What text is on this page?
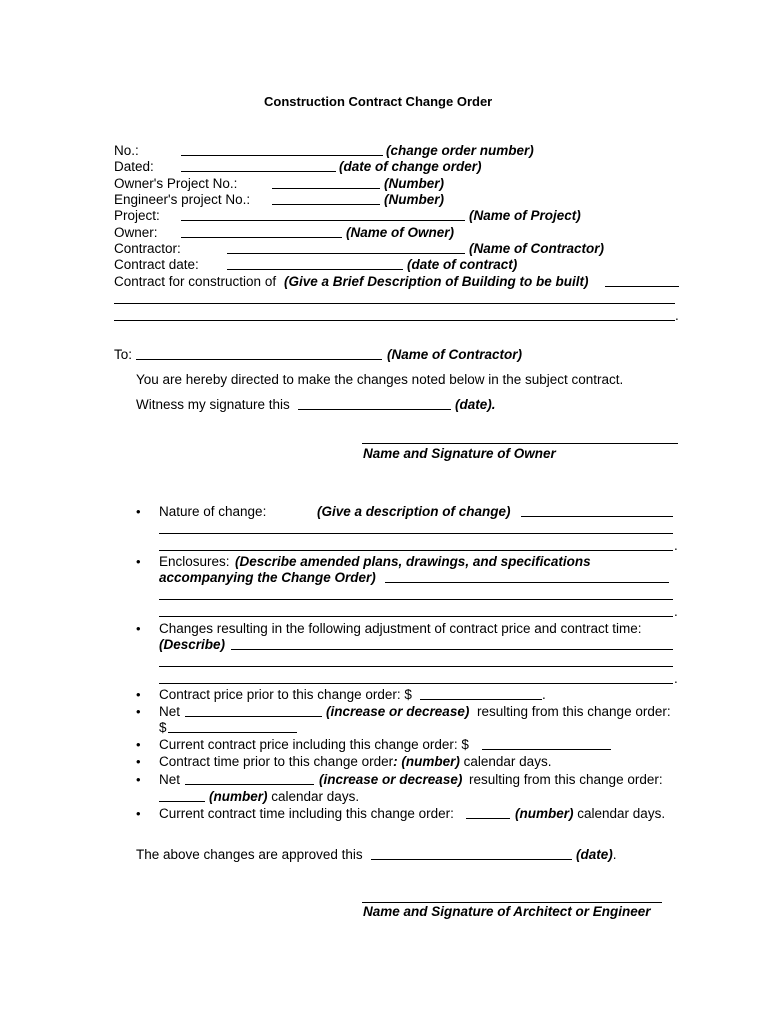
Construction Contract Change Order
No.:	(change order number)
Dated:	(date of change order)
Owner's Project No.:	(Number)
Engineer's project No.:	(Number)
Project:	(Name of Project)
Owner:	(Name of Owner)
Contractor:	(Name of Contractor)
Contract date:	(date of contract)
Contract for construction of (Give a Brief Description of Building to be built)
.
To:	(Name of Contractor)
You are hereby directed to make the changes noted below in the subject contract.
Witness my signature this	(date).
Name and Signature of Owner
• Nature of change:	(Give a description of change)
.
• Enclosures: (Describe amended plans, drawings, and specifications
accompanying the Change Order)
.
• Changes resulting in the following adjustment of contract price and contract time:
(Describe)
.
• Contract price prior to this change order: $	.
• Net	(increase or decrease) resulting from this change order:
$
• Current contract price including this change order: $
• Contract time prior to this change order: (number) calendar days.
• Net	(increase or decrease) resulting from this change order:
(number) calendar days.
• Current contract time including this change order:	(number) calendar days.
The above changes are approved this	(date).
Name and Signature of Architect or Engineer
